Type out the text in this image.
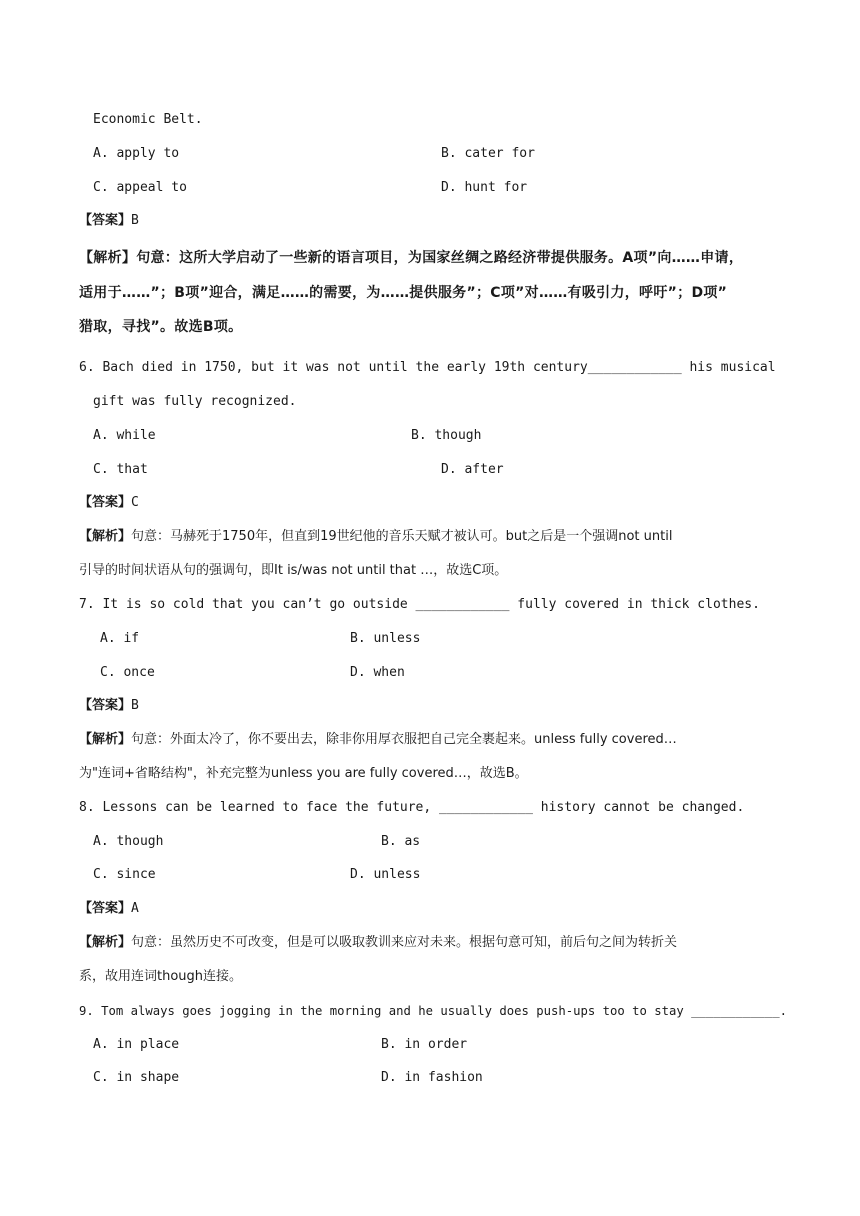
Economic Belt.
A. apply to	B. cater for
C. appeal to	D. hunt for
【答案】B
【解析】句意：这所大学启动了一些新的语言项目，为国家丝绸之路经济带提供服务。A项”向……申请，
适用于……”；B项”迎合，满足……的需要，为……提供服务”；C项”对……有吸引力，呼吁”；D项”
猎取，寻找”。故选B项。
6. Bach died in 1750, but it was not until the early 19th century____________ his musical
gift was fully recognized.
A. while	B. though
C. that	D. after
【答案】C
【解析】句意：马赫死于1750年，但直到19世纪他的音乐天赋才被认可。but之后是一个强调not until
引导的时间状语从句的强调句，即It is/was not until that …，故选C项。
7. It is so cold that you can’t go outside ____________ fully covered in thick clothes.
A. if	B. unless
C. once	D. when
【答案】B
【解析】句意：外面太冷了，你不要出去，除非你用厚衣服把自己完全裹起来。unless fully covered…
为"连词+省略结构"，补充完整为unless you are fully covered…，故选B。
8. Lessons can be learned to face the future, ____________ history cannot be changed.
A. though	B. as
C. since	D. unless
【答案】A
【解析】句意：虽然历史不可改变，但是可以吸取教训来应对未来。根据句意可知，前后句之间为转折关
系，故用连词though连接。
9. Tom always goes jogging in the morning and he usually does push-ups too to stay ____________.
A. in place	B. in order
C. in shape	D. in fashion
